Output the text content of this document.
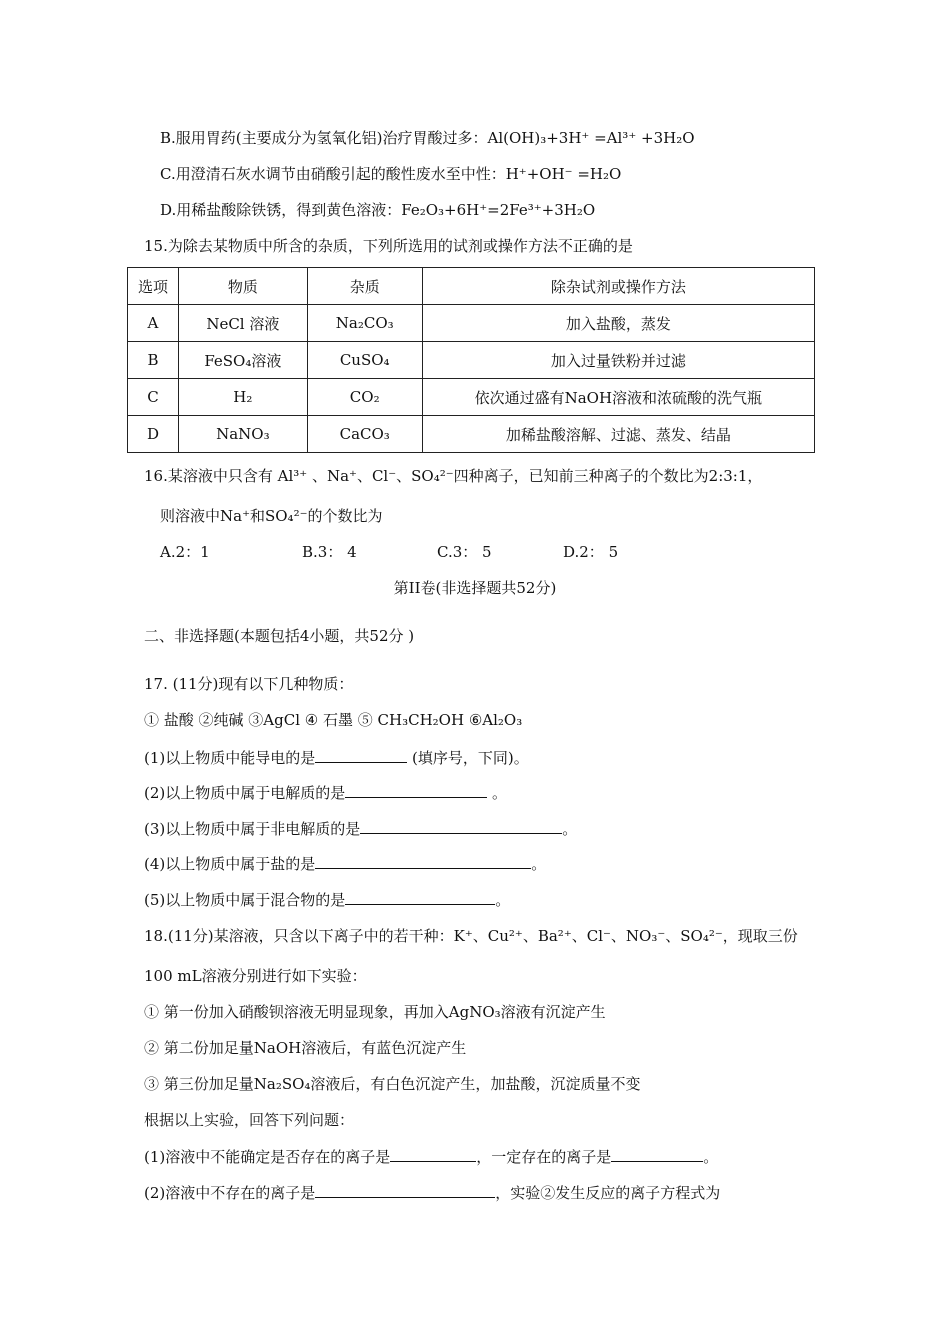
B.服用胃药(主要成分为氢氧化铝)治疗胃酸过多：Al(OH)₃+3H⁺ =Al³⁺ +3H₂O
C.用澄清石灰水调节由硝酸引起的酸性废水至中性：H⁺+OH⁻ =H₂O
D.用稀盐酸除铁锈，得到黄色溶液：Fe₂O₃+6H⁺=2Fe³⁺+3H₂O
15.为除去某物质中所含的杂质，下列所选用的试剂或操作方法不正确的是
选项	物质	杂质	除杂试剂或操作方法
A	NeCl 溶液	Na₂CO₃	加入盐酸，蒸发
B	FeSO₄溶液	CuSO₄	加入过量铁粉并过滤
C	H₂	CO₂	依次通过盛有NaOH溶液和浓硫酸的洗气瓶
D	NaNO₃	CaCO₃	加稀盐酸溶解、过滤、蒸发、结晶
16.某溶液中只含有 Al³⁺ 、Na⁺、Cl⁻、SO₄²⁻四种离子，已知前三种离子的个数比为2:3:1，
则溶液中Na⁺和SO₄²⁻的个数比为
A.2：1	B.3： 4	C.3： 5	D.2： 5
第II卷(非选择题共52分)
二、非选择题(本题包括4小题，共52分 )
17. (11分)现有以下几种物质：
① 盐酸 ②纯碱 ③AgCl ④ 石墨 ⑤ CH₃CH₂OH ⑥Al₂O₃
(1)以上物质中能导电的是	(填序号，下同)。
(2)以上物质中属于电解质的是	。
(3)以上物质中属于非电解质的是	。
(4)以上物质中属于盐的是	。
(5)以上物质中属于混合物的是	。
18.(11分)某溶液，只含以下离子中的若干种：K⁺、Cu²⁺、Ba²⁺、Cl⁻、NO₃⁻、SO₄²⁻，现取三份
100 mL溶液分别进行如下实验：
① 第一份加入硝酸钡溶液无明显现象，再加入AgNO₃溶液有沉淀产生
② 第二份加足量NaOH溶液后，有蓝色沉淀产生
③ 第三份加足量Na₂SO₄溶液后，有白色沉淀产生，加盐酸，沉淀质量不变
根据以上实验，回答下列问题：
(1)溶液中不能确定是否存在的离子是	，一定存在的离子是	。
(2)溶液中不存在的离子是	，实验②发生反应的离子方程式为
